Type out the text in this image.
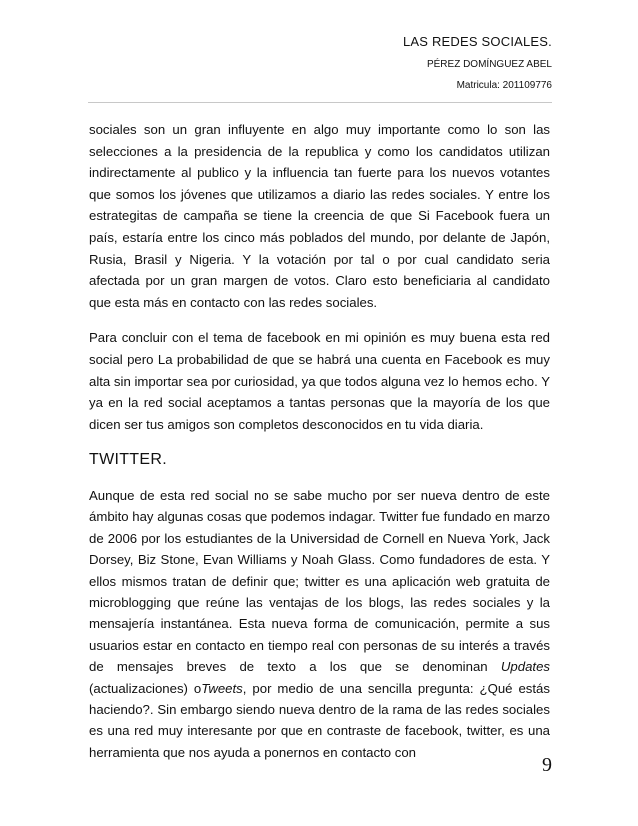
LAS REDES SOCIALES.
PÉREZ DOMÍNGUEZ ABEL
Matricula: 201109776

sociales son un gran influyente en algo muy importante como lo son las selecciones a la presidencia de la republica y como los candidatos utilizan indirectamente al publico y la influencia tan fuerte para los nuevos votantes que somos los jóvenes que utilizamos a diario las redes sociales. Y entre los estrategitas de campaña se tiene la creencia de que Si Facebook fuera un país, estaría entre los cinco más poblados del mundo, por delante de Japón, Rusia, Brasil y Nigeria. Y la votación por tal o por cual candidato seria afectada por un gran margen de votos. Claro esto beneficiaria al candidato que esta más en contacto con las redes sociales.

Para concluir con el tema de facebook en mi opinión es muy buena esta red social pero La probabilidad de que se habrá una cuenta en Facebook es muy alta sin importar sea por curiosidad, ya que todos alguna vez lo hemos echo. Y ya en la red social aceptamos a tantas personas que la mayoría de los que dicen ser tus amigos son completos desconocidos en tu vida diaria.

TWITTER.

Aunque de esta red social no se sabe mucho por ser nueva dentro de este ámbito hay algunas cosas que podemos indagar. Twitter fue fundado en marzo de 2006 por los estudiantes de la Universidad de Cornell en Nueva York, Jack Dorsey, Biz Stone, Evan Williams y Noah Glass. Como fundadores de esta. Y ellos mismos tratan de definir que; twitter es una aplicación web gratuita de microblogging que reúne las ventajas de los blogs, las redes sociales y la mensajería instantánea. Esta nueva forma de comunicación, permite a sus usuarios estar en contacto en tiempo real con personas de su interés a través de mensajes breves de texto a los que se denominan Updates (actualizaciones) oTweets, por medio de una sencilla pregunta: ¿Qué estás haciendo?. Sin embargo siendo nueva dentro de la rama de las redes sociales es una red muy interesante por que en contraste de facebook, twitter, es una herramienta que nos ayuda a ponernos en contacto con

9
